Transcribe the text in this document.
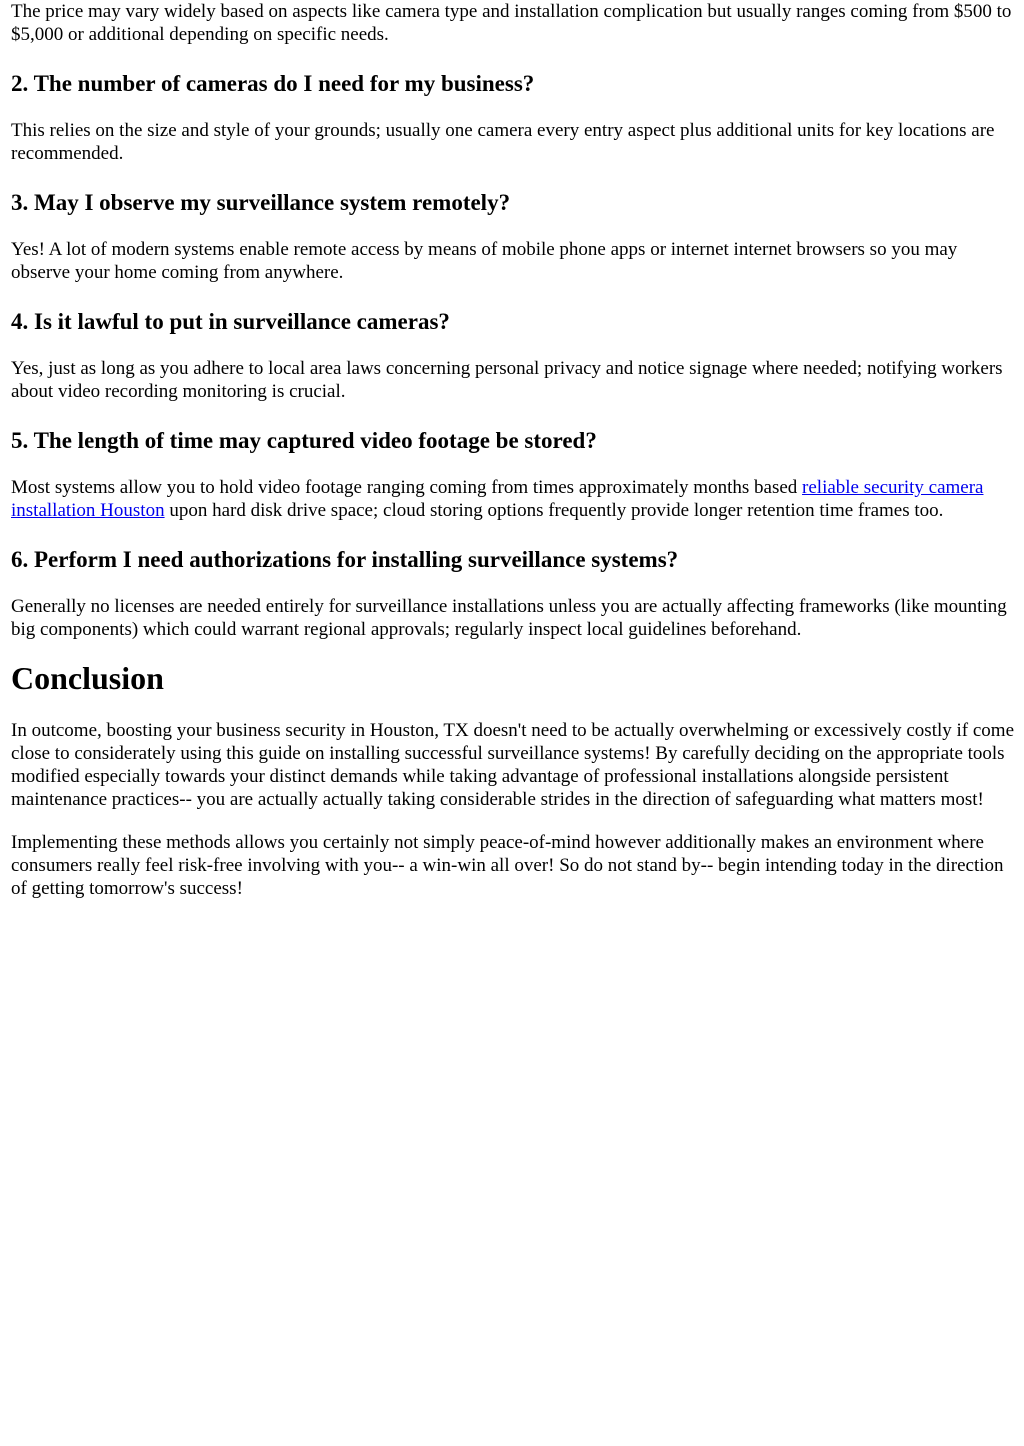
The price may vary widely based on aspects like camera type and installation complication but usually ranges coming from $500 to $5,000 or additional depending on specific needs.

2. The number of cameras do I need for my business?

This relies on the size and style of your grounds; usually one camera every entry aspect plus additional units for key locations are recommended.

3. May I observe my surveillance system remotely?

Yes! A lot of modern systems enable remote access by means of mobile phone apps or internet internet browsers so you may observe your home coming from anywhere.

4. Is it lawful to put in surveillance cameras?

Yes, just as long as you adhere to local area laws concerning personal privacy and notice signage where needed; notifying workers about video recording monitoring is crucial.

5. The length of time may captured video footage be stored?

Most systems allow you to hold video footage ranging coming from times approximately months based reliable security camera installation Houston upon hard disk drive space; cloud storing options frequently provide longer retention time frames too.

6. Perform I need authorizations for installing surveillance systems?

Generally no licenses are needed entirely for surveillance installations unless you are actually affecting frameworks (like mounting big components) which could warrant regional approvals; regularly inspect local guidelines beforehand.

Conclusion

In outcome, boosting your business security in Houston, TX doesn't need to be actually overwhelming or excessively costly if come close to considerately using this guide on installing successful surveillance systems! By carefully deciding on the appropriate tools modified especially towards your distinct demands while taking advantage of professional installations alongside persistent maintenance practices-- you are actually actually taking considerable strides in the direction of safeguarding what matters most!

Implementing these methods allows you certainly not simply peace-of-mind however additionally makes an environment where consumers really feel risk-free involving with you-- a win-win all over! So do not stand by-- begin intending today in the direction of getting tomorrow's success!
